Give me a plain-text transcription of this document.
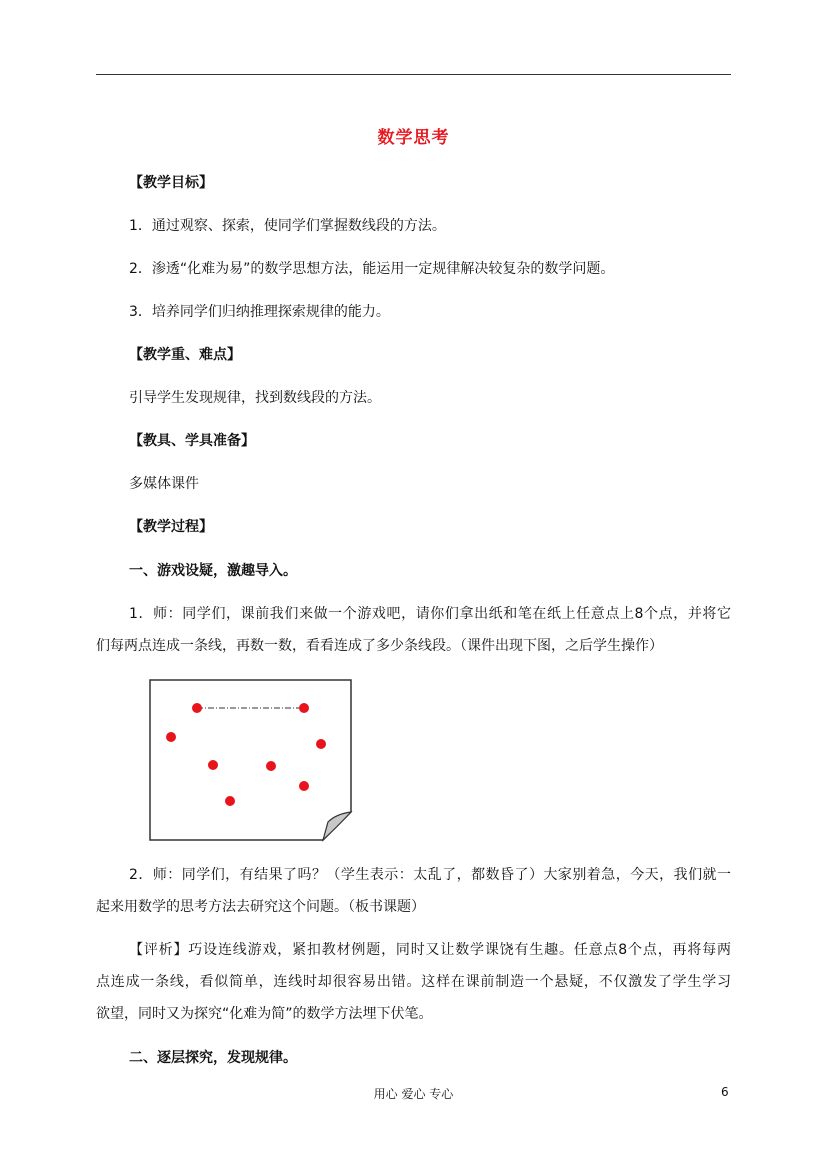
数学思考
【教学目标】
1．通过观察、探索，使同学们掌握数线段的方法。
2．渗透“化难为易”的数学思想方法，能运用一定规律解决较复杂的数学问题。
3．培养同学们归纳推理探索规律的能力。
【教学重、难点】
引导学生发现规律，找到数线段的方法。
【教具、学具准备】
多媒体课件
【教学过程】
一、游戏设疑，激趣导入。
1．师：同学们，课前我们来做一个游戏吧，请你们拿出纸和笔在纸上任意点上8个点，并将它
们每两点连成一条线，再数一数，看看连成了多少条线段。（课件出现下图，之后学生操作）
2．师：同学们，有结果了吗？（学生表示：太乱了，都数昏了）大家别着急，今天，我们就一
起来用数学的思考方法去研究这个问题。（板书课题）
【评析】巧设连线游戏，紧扣教材例题，同时又让数学课饶有生趣。任意点8个点，再将每两
点连成一条线，看似简单，连线时却很容易出错。这样在课前制造一个悬疑，不仅激发了学生学习
欲望，同时又为探究“化难为简”的数学方法埋下伏笔。
二、逐层探究，发现规律。
用心 爱心 专心	6
